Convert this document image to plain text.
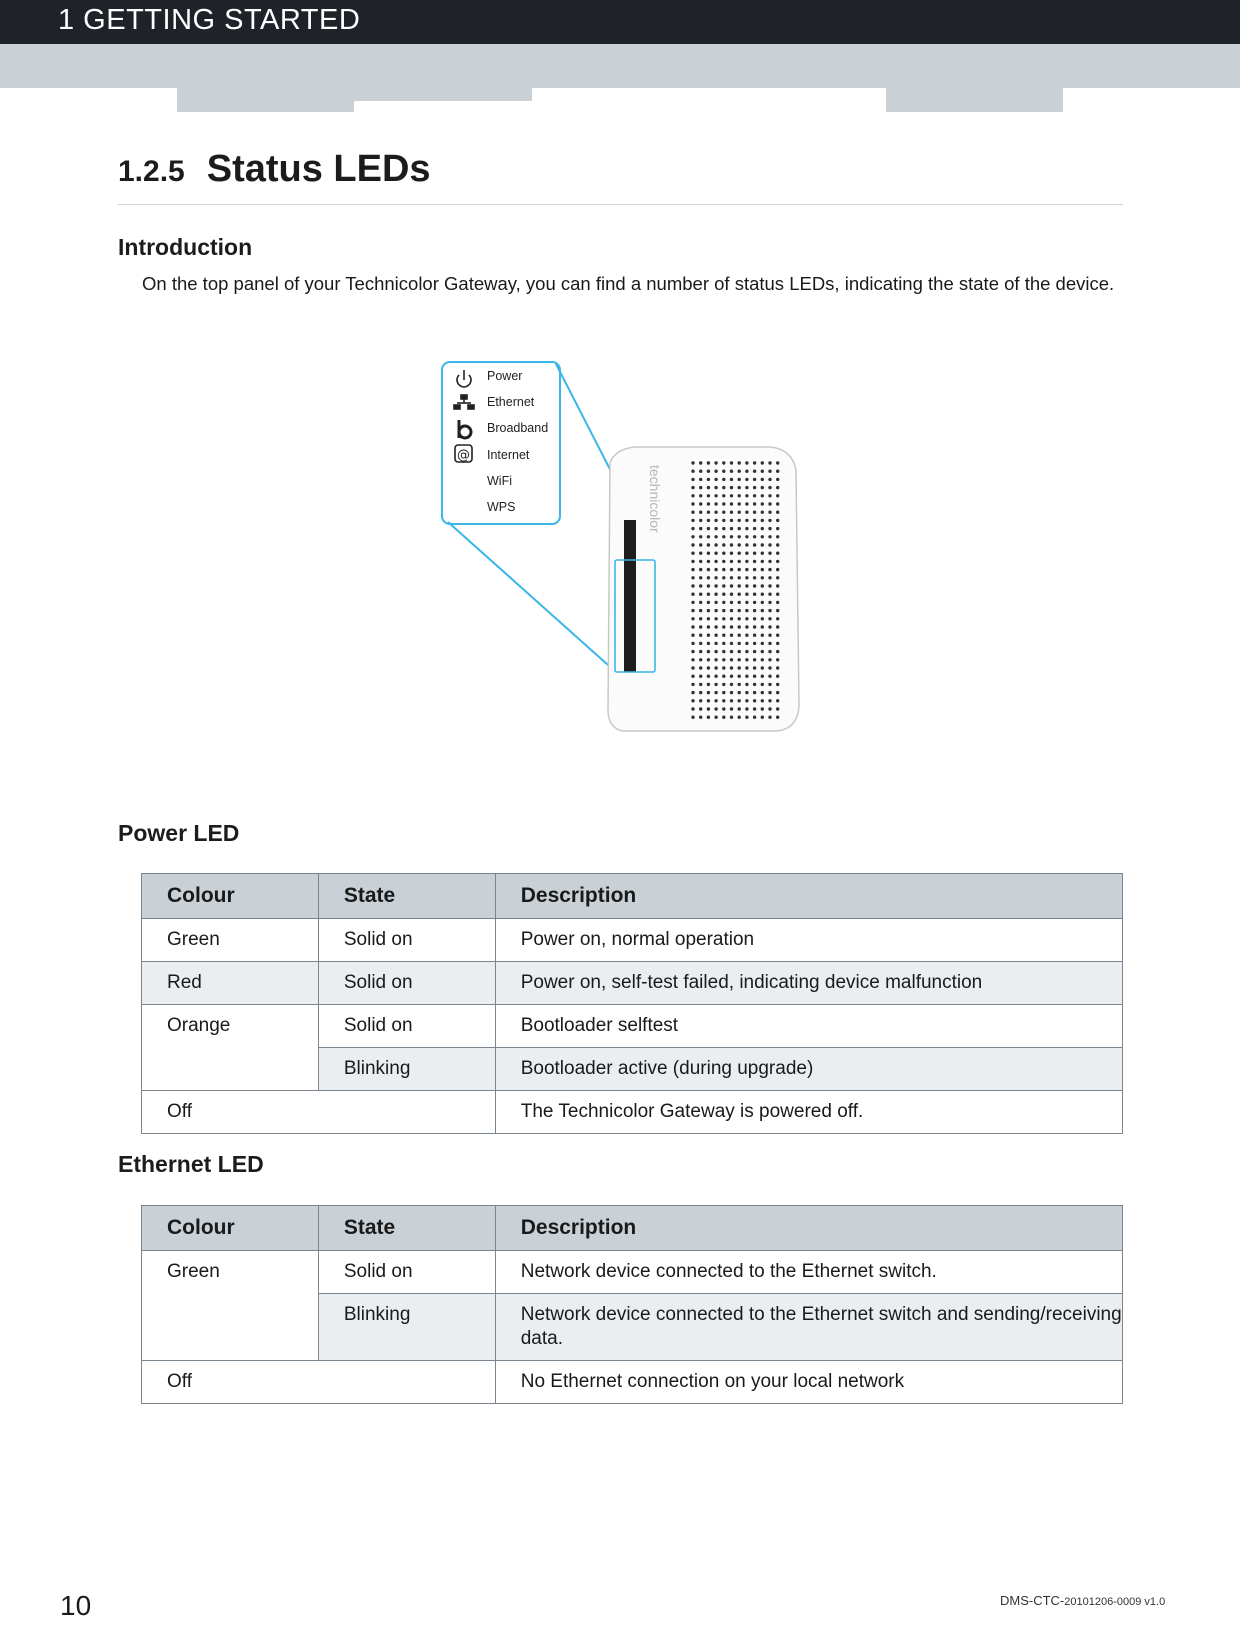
1 GETTING STARTED
1.2.5 Status LEDs
Introduction
On the top panel of your Technicolor Gateway, you can find a number of status LEDs, indicating the state of the device.
@
Power
Ethernet
Broadband
Internet
WiFi
WPS	technicolor
Power LED
Colour	State	Description
Green	Solid on	Power on, normal operation
Red	Solid on	Power on, self-test failed, indicating device malfunction
Orange	Solid on	Bootloader selftest
	Blinking	Bootloader active (during upgrade)
Off		The Technicolor Gateway is powered off.
Ethernet LED
Colour	State	Description
Green	Solid on	Network device connected to the Ethernet switch.
	Blinking	Network device connected to the Ethernet switch and sending/receiving data.
Off		No Ethernet connection on your local network
10	DMS-CTC-20101206-0009 v1.0
